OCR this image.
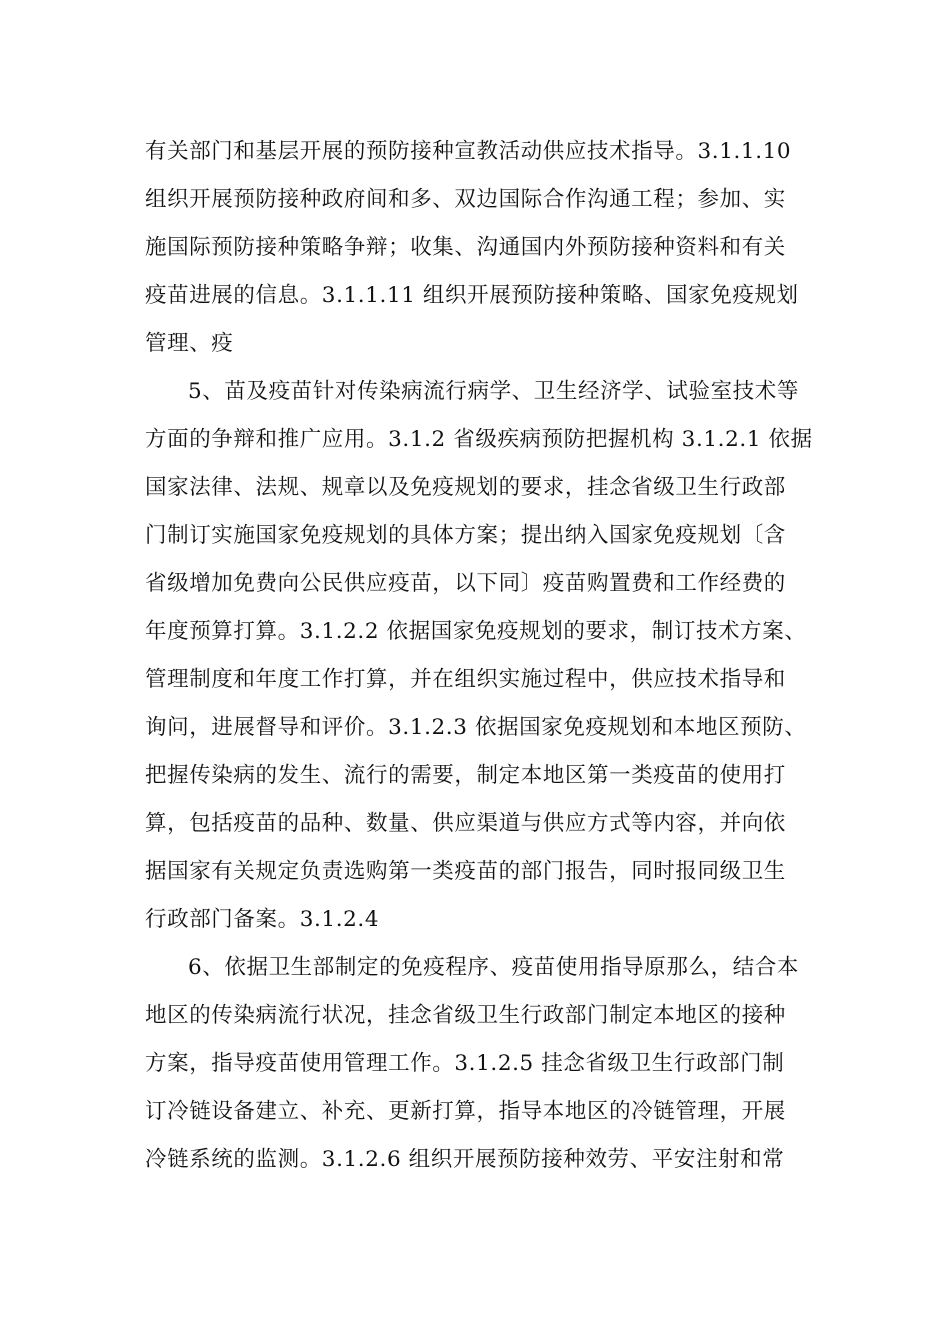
有关部门和基层开展的预防接种宣教活动供应技术指导。3.1.1.10
组织开展预防接种政府间和多、双边国际合作沟通工程；参加、实
施国际预防接种策略争辩；收集、沟通国内外预防接种资料和有关
疫苗进展的信息。3.1.1.11 组织开展预防接种策略、国家免疫规划
管理、疫
5、苗及疫苗针对传染病流行病学、卫生经济学、试验室技术等
方面的争辩和推广应用。3.1.2 省级疾病预防把握机构 3.1.2.1 依据
国家法律、法规、规章以及免疫规划的要求，挂念省级卫生行政部
门制订实施国家免疫规划的具体方案；提出纳入国家免疫规划〔含
省级增加免费向公民供应疫苗，以下同〕疫苗购置费和工作经费的
年度预算打算。3.1.2.2 依据国家免疫规划的要求，制订技术方案、
管理制度和年度工作打算，并在组织实施过程中，供应技术指导和
询问，进展督导和评价。3.1.2.3 依据国家免疫规划和本地区预防、
把握传染病的发生、流行的需要，制定本地区第一类疫苗的使用打
算，包括疫苗的品种、数量、供应渠道与供应方式等内容，并向依
据国家有关规定负责选购第一类疫苗的部门报告，同时报同级卫生
行政部门备案。3.1.2.4
6、依据卫生部制定的免疫程序、疫苗使用指导原那么，结合本
地区的传染病流行状况，挂念省级卫生行政部门制定本地区的接种
方案，指导疫苗使用管理工作。3.1.2.5 挂念省级卫生行政部门制
订冷链设备建立、补充、更新打算，指导本地区的冷链管理，开展
冷链系统的监测。3.1.2.6 组织开展预防接种效劳、平安注射和常
